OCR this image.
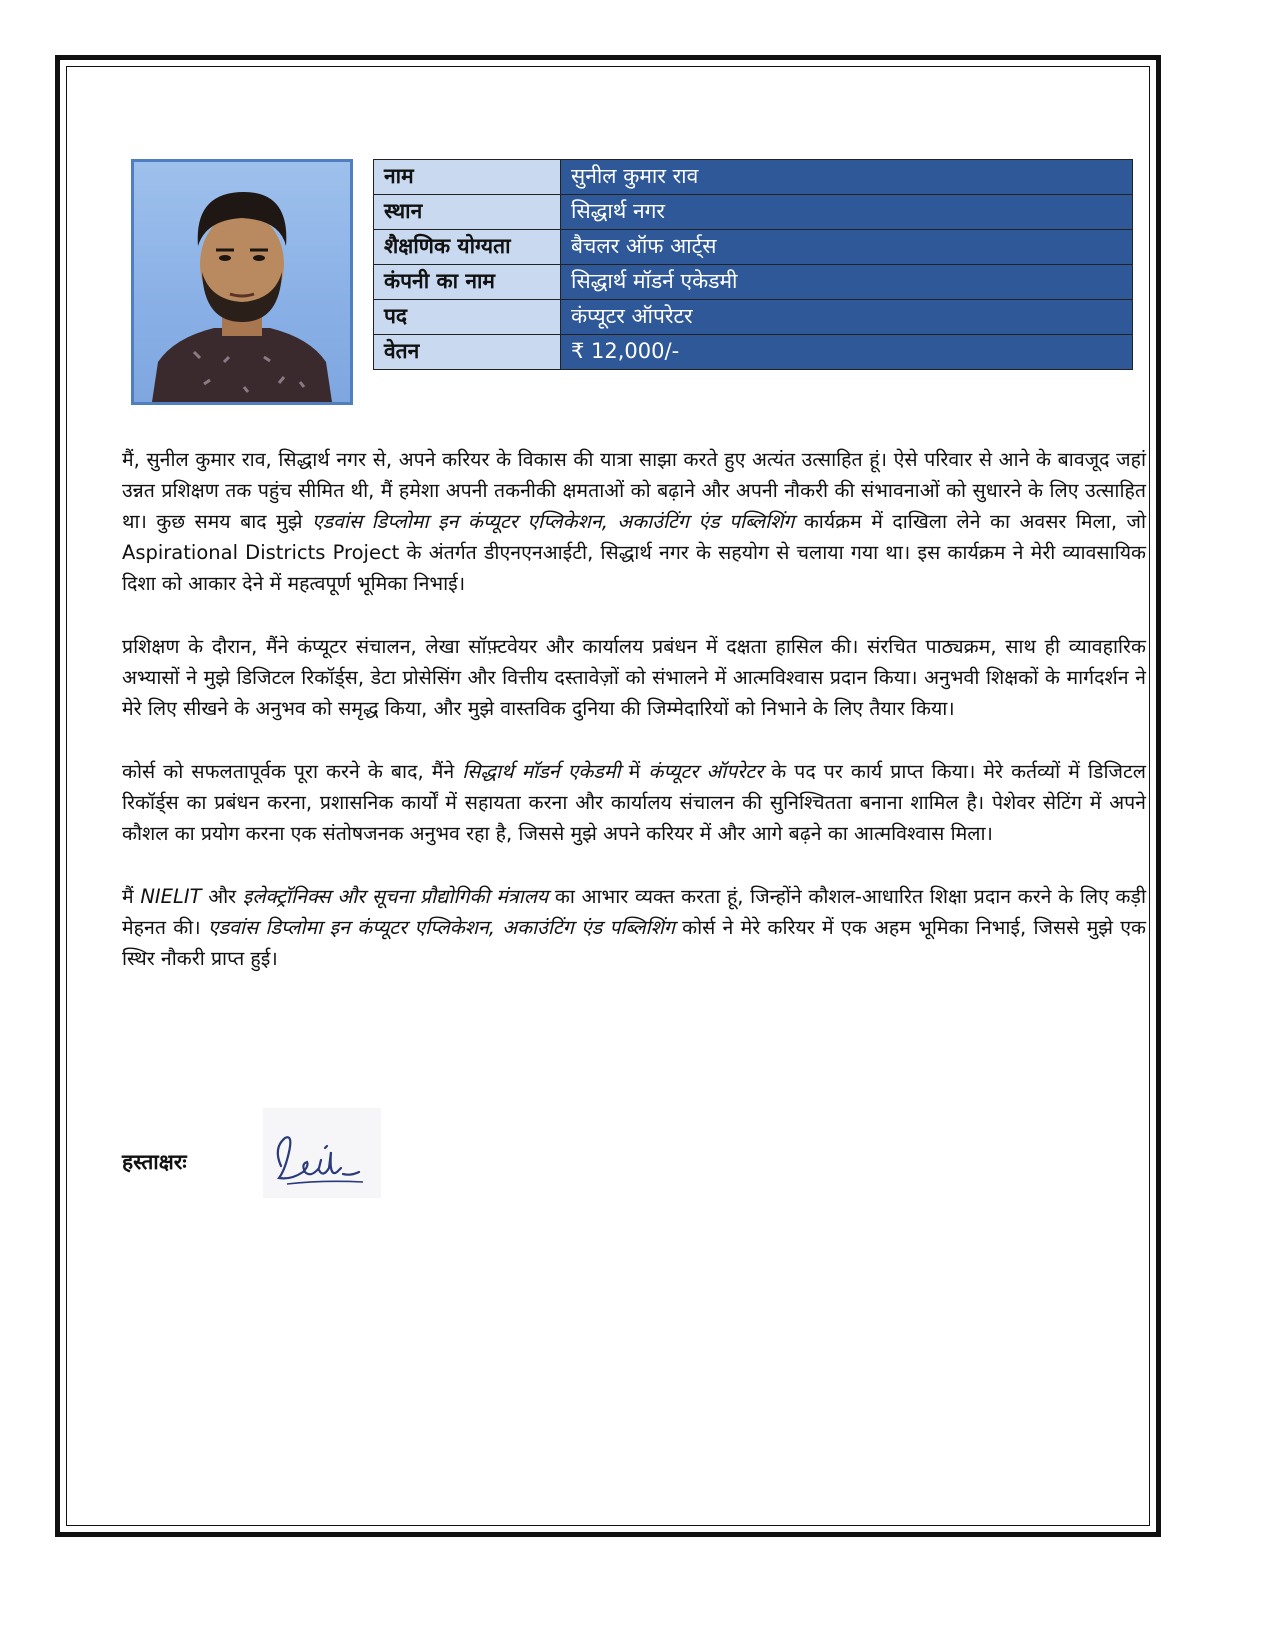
नाम	सुनील कुमार राव
स्थान	सिद्धार्थ नगर
शैक्षणिक योग्यता	बैचलर ऑफ आर्ट्स
कंपनी का नाम	सिद्धार्थ मॉडर्न एकेडमी
पद	कंप्यूटर ऑपरेटर
वेतन	₹ 12,000/-

मैं, सुनील कुमार राव, सिद्धार्थ नगर से, अपने करियर के विकास की यात्रा साझा करते हुए अत्यंत उत्साहित हूं। ऐसे परिवार से आने के बावजूद जहां उन्नत प्रशिक्षण तक पहुंच सीमित थी, मैं हमेशा अपनी तकनीकी क्षमताओं को बढ़ाने और अपनी नौकरी की संभावनाओं को सुधारने के लिए उत्साहित था। कुछ समय बाद मुझे एडवांस डिप्लोमा इन कंप्यूटर एप्लिकेशन, अकाउंटिंग एंड पब्लिशिंग कार्यक्रम में दाखिला लेने का अवसर मिला, जो Aspirational Districts Project के अंतर्गत डीएनएनआईटी, सिद्धार्थ नगर के सहयोग से चलाया गया था। इस कार्यक्रम ने मेरी व्यावसायिक दिशा को आकार देने में महत्वपूर्ण भूमिका निभाई।

प्रशिक्षण के दौरान, मैंने कंप्यूटर संचालन, लेखा सॉफ़्टवेयर और कार्यालय प्रबंधन में दक्षता हासिल की। संरचित पाठ्यक्रम, साथ ही व्यावहारिक अभ्यासों ने मुझे डिजिटल रिकॉर्ड्स, डेटा प्रोसेसिंग और वित्तीय दस्तावेज़ों को संभालने में आत्मविश्वास प्रदान किया। अनुभवी शिक्षकों के मार्गदर्शन ने मेरे लिए सीखने के अनुभव को समृद्ध किया, और मुझे वास्तविक दुनिया की जिम्मेदारियों को निभाने के लिए तैयार किया।

कोर्स को सफलतापूर्वक पूरा करने के बाद, मैंने सिद्धार्थ मॉडर्न एकेडमी में कंप्यूटर ऑपरेटर के पद पर कार्य प्राप्त किया। मेरे कर्तव्यों में डिजिटल रिकॉर्ड्स का प्रबंधन करना, प्रशासनिक कार्यों में सहायता करना और कार्यालय संचालन की सुनिश्चितता बनाना शामिल है। पेशेवर सेटिंग में अपने कौशल का प्रयोग करना एक संतोषजनक अनुभव रहा है, जिससे मुझे अपने करियर में और आगे बढ़ने का आत्मविश्वास मिला।

मैं NIELIT और इलेक्ट्रॉनिक्स और सूचना प्रौद्योगिकी मंत्रालय का आभार व्यक्त करता हूं, जिन्होंने कौशल-आधारित शिक्षा प्रदान करने के लिए कड़ी मेहनत की। एडवांस डिप्लोमा इन कंप्यूटर एप्लिकेशन, अकाउंटिंग एंड पब्लिशिंग कोर्स ने मेरे करियर में एक अहम भूमिका निभाई, जिससे मुझे एक स्थिर नौकरी प्राप्त हुई।

हस्ताक्षरः
